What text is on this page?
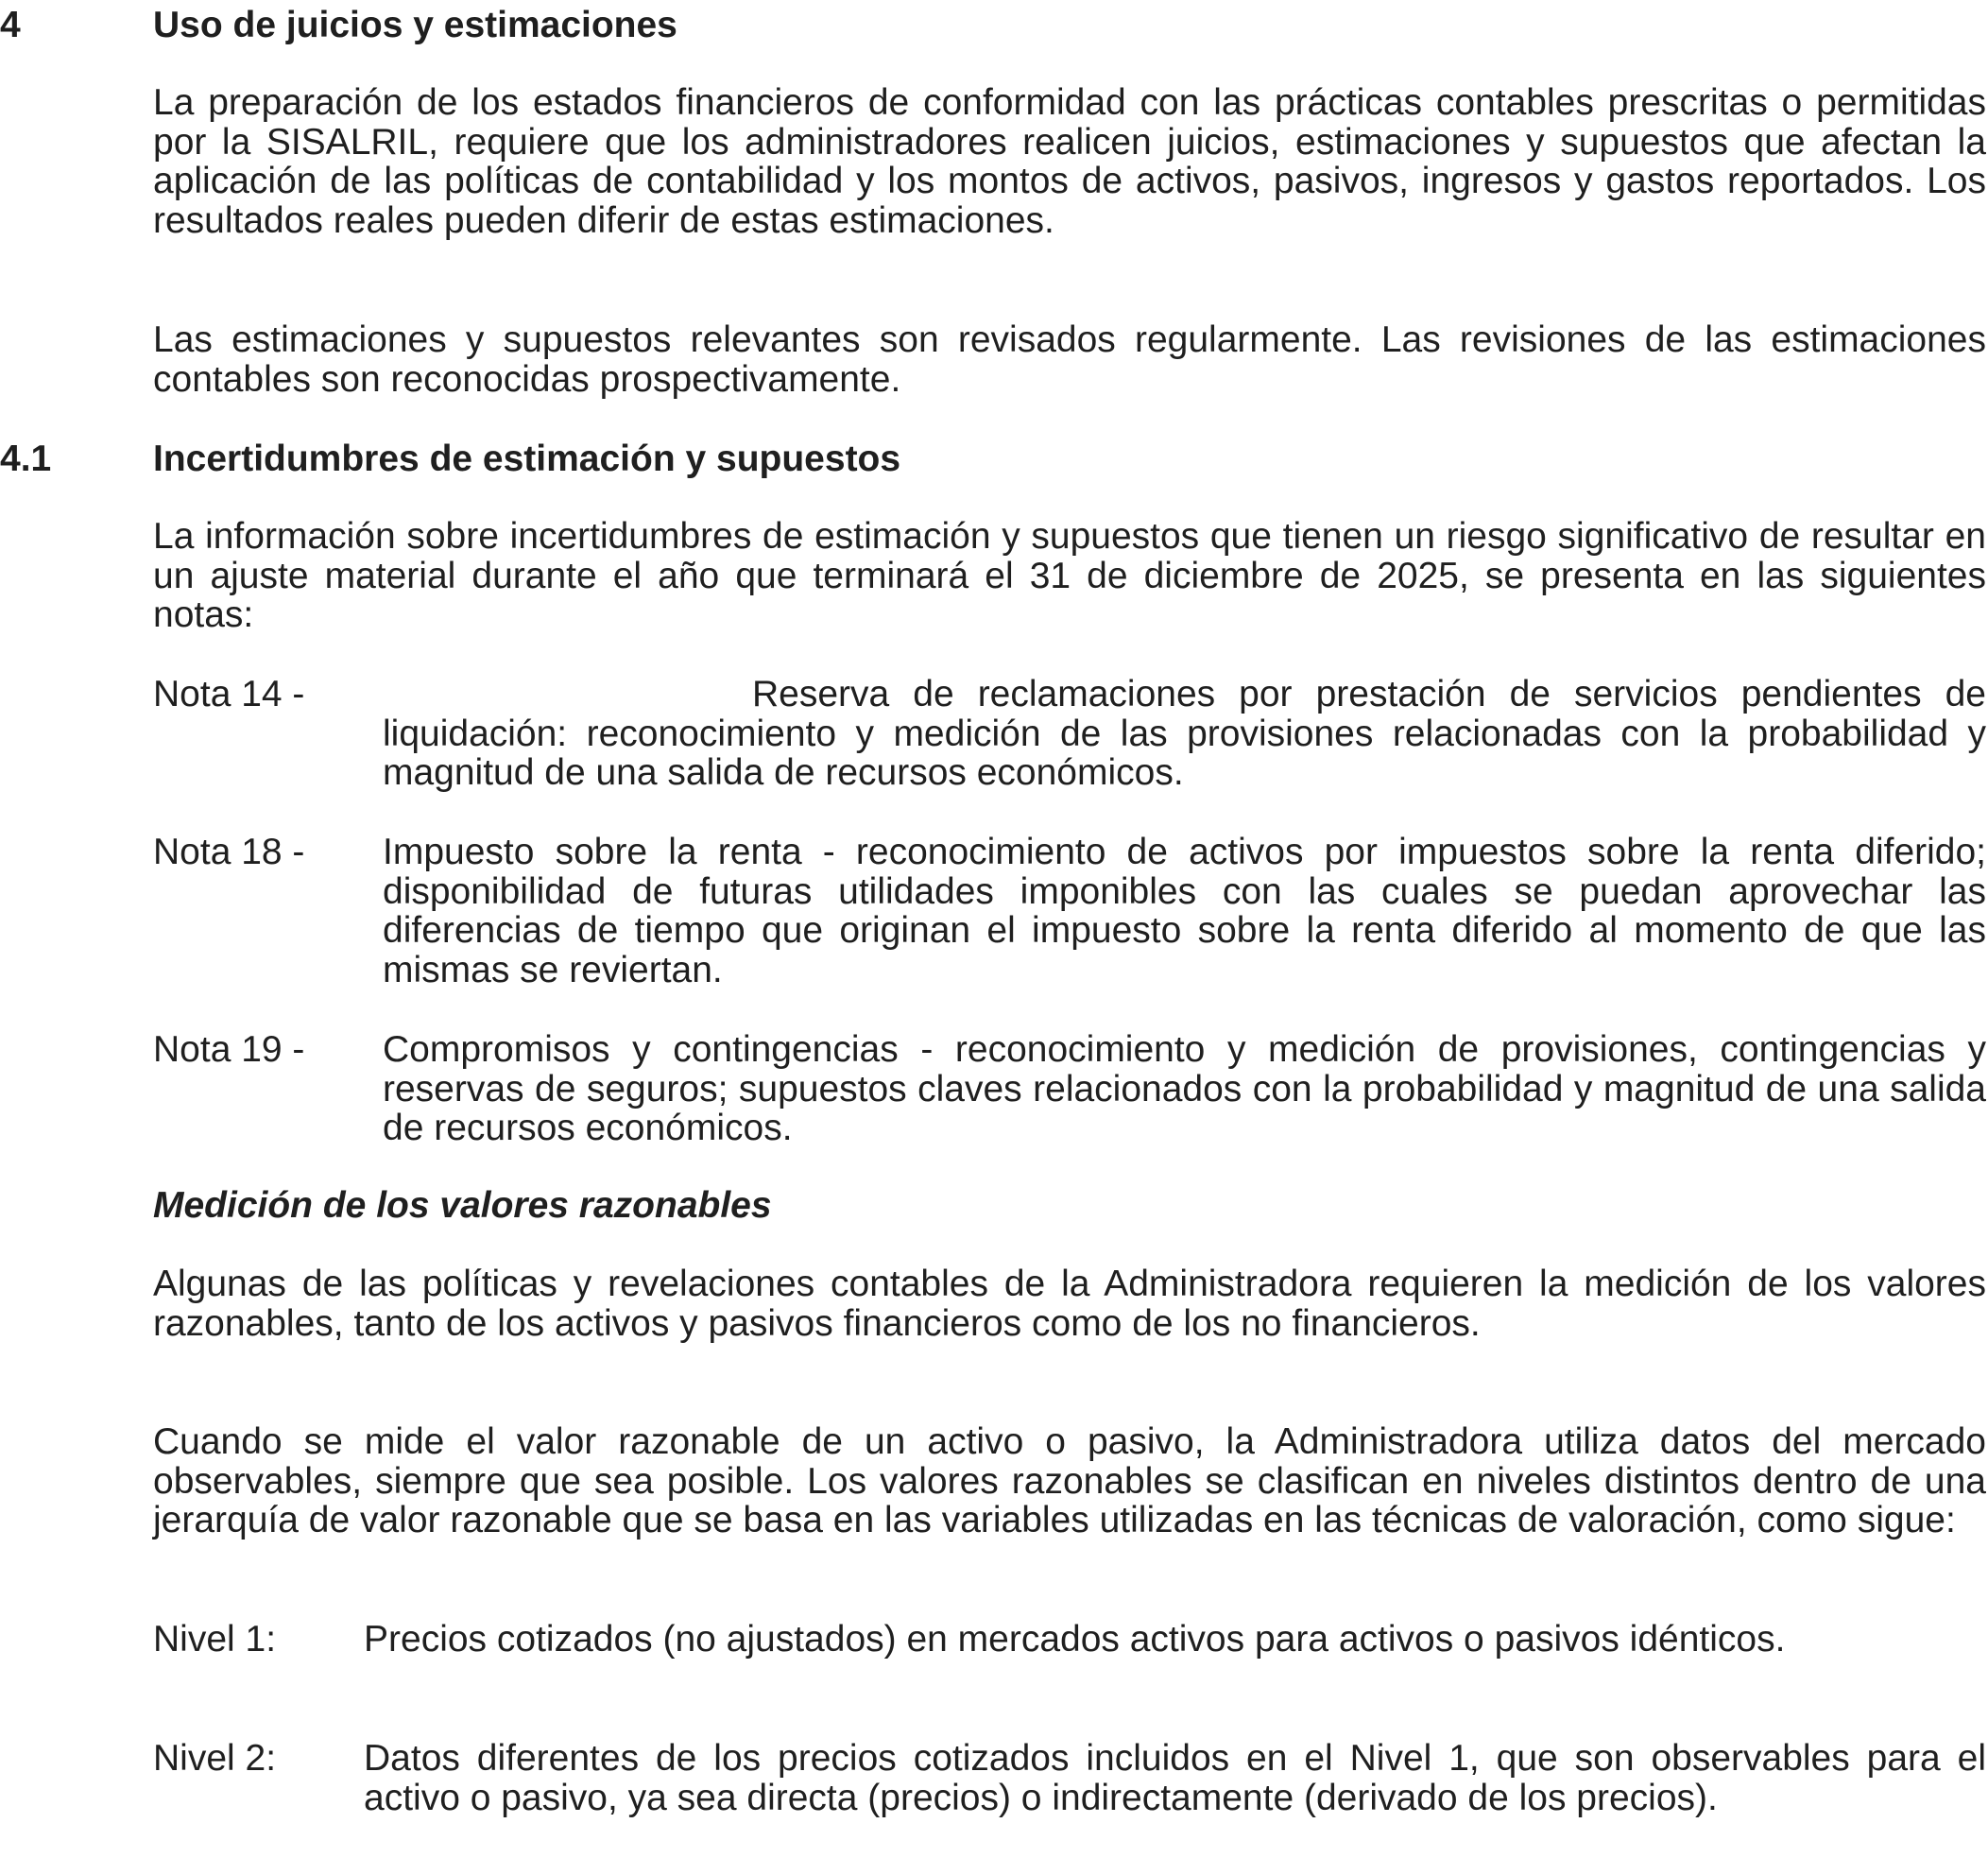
4	Uso de juicios y estimaciones

La preparación de los estados financieros de conformidad con las prácticas contables prescritas o permitidas por la SISALRIL, requiere que los administradores realicen juicios, estimaciones y supuestos que afectan la aplicación de las políticas de contabilidad y los montos de activos, pasivos, ingresos y gastos reportados. Los resultados reales pueden diferir de estas estimaciones.

Las estimaciones y supuestos relevantes son revisados regularmente. Las revisiones de las estimaciones contables son reconocidas prospectivamente.

4.1	Incertidumbres de estimación y supuestos

La información sobre incertidumbres de estimación y supuestos que tienen un riesgo significativo de resultar en un ajuste material durante el año que terminará el 31 de diciembre de 2025, se presenta en las siguientes notas:

Nota 14 -	Reserva de reclamaciones por prestación de servicios pendientes de liquidación: reconocimiento y medición de las provisiones relacionadas con la probabilidad y magnitud de una salida de recursos económicos.

Nota 18 - Impuesto sobre la renta - reconocimiento de activos por impuestos sobre la renta diferido; disponibilidad de futuras utilidades imponibles con las cuales se puedan aprovechar las diferencias de tiempo que originan el impuesto sobre la renta diferido al momento de que las mismas se reviertan.

Nota 19 - Compromisos y contingencias - reconocimiento y medición de provisiones, contingencias y reservas de seguros; supuestos claves relacionados con la probabilidad y magnitud de una salida de recursos económicos.

Medición de los valores razonables

Algunas de las políticas y revelaciones contables de la Administradora requieren la medición de los valores razonables, tanto de los activos y pasivos financieros como de los no financieros.

Cuando se mide el valor razonable de un activo o pasivo, la Administradora utiliza datos del mercado observables, siempre que sea posible. Los valores razonables se clasifican en niveles distintos dentro de una jerarquía de valor razonable que se basa en las variables utilizadas en las técnicas de valoración, como sigue:

Nivel 1: Precios cotizados (no ajustados) en mercados activos para activos o pasivos idénticos.

Nivel 2: Datos diferentes de los precios cotizados incluidos en el Nivel 1, que son observables para el activo o pasivo, ya sea directa (precios) o indirectamente (derivado de los precios).
